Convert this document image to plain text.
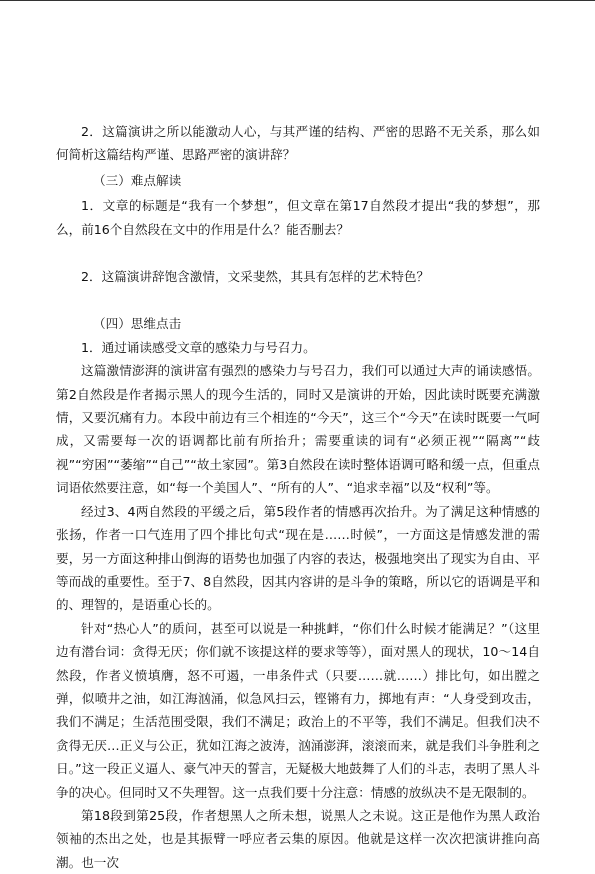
2．这篇演讲之所以能激动人心，与其严谨的结构、严密的思路不无关系，那么如何简析这篇结构严谨、思路严密的演讲辞？

（三）难点解读

1．文章的标题是“我有一个梦想”，但文章在第17自然段才提出“我的梦想”，那么，前16个自然段在文中的作用是什么？能否删去？

2．这篇演讲辞饱含激情，文采斐然，其具有怎样的艺术特色？

（四）思维点击

1．通过诵读感受文章的感染力与号召力。

这篇激情澎湃的演讲富有强烈的感染力与号召力，我们可以通过大声的诵读感悟。第2自然段是作者揭示黑人的现今生活的，同时又是演讲的开始，因此读时既要充满激情，又要沉痛有力。本段中前边有三个相连的“今天”，这三个“今天”在读时既要一气呵成，又需要每一次的语调都比前有所抬升；需要重读的词有“必须正视”“隔离”“歧视”“穷困”“萎缩”“自己”“故土家园”。第3自然段在读时整体语调可略和缓一点，但重点词语依然要注意，如“每一个美国人”、“所有的人”、“追求幸福”以及“权利”等。

经过3、4两自然段的平缓之后，第5段作者的情感再次抬升。为了满足这种情感的张扬，作者一口气连用了四个排比句式“现在是……时候”，一方面这是情感发泄的需要，另一方面这种排山倒海的语势也加强了内容的表达，极强地突出了现实为自由、平等而战的重要性。至于7、8自然段，因其内容讲的是斗争的策略，所以它的语调是平和的、理智的，是语重心长的。

针对“热心人”的质问，甚至可以说是一种挑衅，“你们什么时候才能满足？”（这里边有潜台词：贪得无厌；你们就不该提这样的要求等等），面对黑人的现状，10～14自然段，作者义愤填膺，怒不可遏，一串条件式（只要……就……）排比句，如出膛之弹，似喷井之油，如江海汹涌，似急风扫云，铿锵有力，掷地有声：“人身受到攻击，我们不满足；生活范围受限，我们不满足；政治上的不平等，我们不满足。但我们决不贪得无厌…正义与公正，犹如江海之波涛，汹涌澎湃，滚滚而来，就是我们斗争胜利之日。”这一段正义逼人、豪气冲天的誓言，无疑极大地鼓舞了人们的斗志，表明了黑人斗争的决心。但同时又不失理智。这一点我们要十分注意：情感的放纵决不是无限制的。

第18段到第25段，作者想黑人之所未想，说黑人之未说。这正是他作为黑人政治领袖的杰出之处，也是其振臂一呼应者云集的原因。他就是这样一次次把演讲推向高潮。也一次
